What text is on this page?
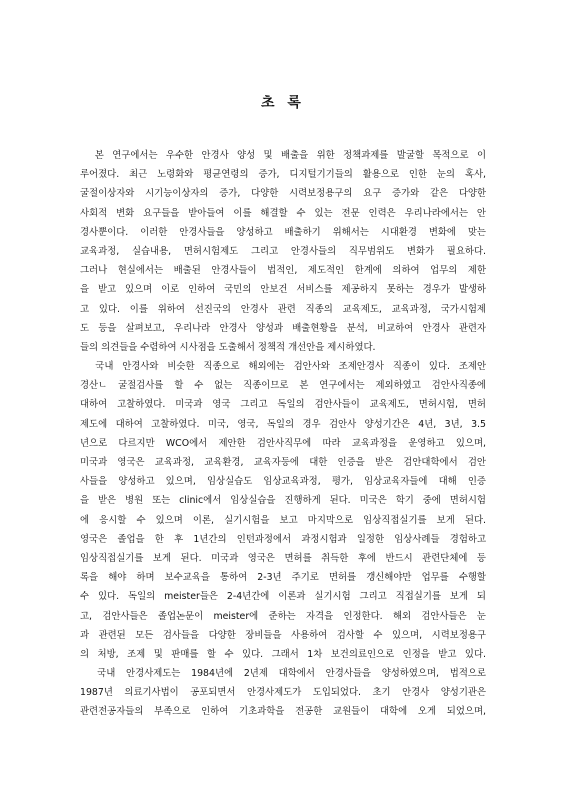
초 록
　본 연구에서는 우수한 안경사 양성 및 배출을 위한 정책과제를 발굴할 목적으로 이
루어졌다. 최근 노령화와 평균연령의 증가, 디지털기기들의 활용으로 인한 눈의 혹사,
굴절이상자와 시기능이상자의 증가, 다양한 시력보정용구의 요구 증가와 같은 다양한
사회적 변화 요구들을 받아들여 이를 해결할 수 있는 전문 인력은 우리나라에서는 안
경사뿐이다. 이러한 안경사들을 양성하고 배출하기 위해서는 시대환경 변화에 맞는
교육과정, 실습내용, 면허시험제도 그리고 안경사들의 직무범위도 변화가 필요하다.
그러나 현실에서는 배출된 안경사들이 법적인, 제도적인 한계에 의하여 업무의 제한
을 받고 있으며 이로 인하여 국민의 안보건 서비스를 제공하지 못하는 경우가 발생하
고 있다. 이를 위하여 선진국의 안경사 관련 직종의 교육제도, 교육과정, 국가시험제
도 등을 살펴보고, 우리나라 안경사 양성과 배출현황을 분석, 비교하여 안경사 관련자
들의 의견들을 수렴하여 시사점을 도출해서 정책적 개선안을 제시하였다.
　국내 안경사와 비슷한 직종으로 해외에는 검안사와 조제안경사 직종이 있다. 조제안
경산ㄴ 굴절검사를 할 수 없는 직종이므로 본 연구에서는 제외하였고 검안사직종에
대하여 고찰하였다. 미국과 영국 그리고 독일의 검안사들이 교육제도, 면허시험, 면허
제도에 대하여 고찰하였다. 미국, 영국, 독일의 경우 검안사 양성기간은 4년, 3년, 3.5
년으로 다르지만 WCO에서 제안한 검안사직무에 따라 교육과정을 운영하고 있으며,
미국과 영국은 교육과정, 교육환경, 교육자등에 대한 인증을 받은 검안대학에서 검안
사들을 양성하고 있으며, 임상실습도 임상교육과정, 평가, 임상교육자들에 대해 인증
을 받은 병원 또는 clinic에서 임상실습을 진행하게 된다. 미국은 학기 중에 면허시험
에 응시할 수 있으며 이론, 실기시험을 보고 마지막으로 임상직접실기를 보게 된다.
영국은 졸업을 한 후 1년간의 인턴과정에서 과정시험과 일정한 임상사례들 경험하고
임상직접실기를 보게 된다. 미국과 영국은 면허를 취득한 후에 반드시 관련단체에 등
록을 해야 하며 보수교육을 통하여 2-3년 주기로 면허를 갱신해야만 업무를 수행할
수 있다. 독일의 meister들은 2-4년간에 이론과 실기시험 그리고 직접실기를 보게 되
고, 검안사들은 졸업논문이 meister에 준하는 자격을 인정한다. 해외 검안사들은 눈
과 관련된 모든 검사들을 다양한 장비들을 사용하여 검사할 수 있으며, 시력보정용구
의 처방, 조제 및 판매를 할 수 있다. 그래서 1차 보건의료인으로 인정을 받고 있다.
　국내 안경사제도는 1984년에 2년제 대학에서 안경사들을 양성하였으며, 법적으로
1987년 의료기사법이 공포되면서 안경사제도가 도입되었다. 초기 안경사 양성기관은
관련전공자들의 부족으로 인하여 기초과학을 전공한 교원들이 대학에 오게 되었으며,
